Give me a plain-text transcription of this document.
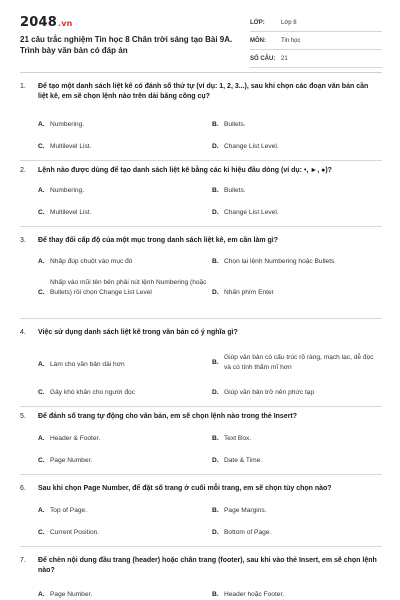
2048.vn
21 câu trắc nghiệm Tin học 8 Chân trời sáng tạo Bài 9A. Trình bày văn bản có đáp án
LỚP:	Lớp 8
MÔN:	Tin học
SỐ CÂU: 21
1.	Để tạo một danh sách liệt kê có đánh số thứ tự (ví dụ: 1, 2, 3...), sau khi chọn các đoạn văn bản cần liệt kê, em sẽ chọn lệnh nào trên dải băng công cụ?
A. Numbering.	B. Bullets.
C. Multilevel List.	D. Change List Level.
2.	Lệnh nào được dùng để tạo danh sách liệt kê bằng các kí hiệu đầu dòng (ví dụ: •, ►, ●)?
A. Numbering.	B. Bullets.
C. Multilevel List.	D. Change List Level.
3.	Để thay đổi cấp độ của một mục trong danh sách liệt kê, em cần làm gì?
A. Nhấp đúp chuột vào mục đó	B. Chọn lại lệnh Numbering hoặc Bullets
C.
Nhấp vào mũi tên bên phải nút lệnh Numbering (hoặc Bullets) rồi chọn Change List Level	D. Nhấn phím Enter
4.	Việc sử dụng danh sách liệt kê trong văn bản có ý nghĩa gì?
A. Làm cho văn bản dài hơn	B.
Giúp văn bản có cấu trúc rõ ràng, mạch lạc, dễ đọc và có tính thẩm mĩ hơn
C. Gây khó khăn cho người đọc	D. Giúp văn bản trở nên phức tạp
5.	Để đánh số trang tự động cho văn bản, em sẽ chọn lệnh nào trong thẻ Insert?
A. Header & Footer.	B. Text Box.
C. Page Number.	D. Date & Time.
6.	Sau khi chọn Page Number, để đặt số trang ở cuối mỗi trang, em sẽ chọn tùy chọn nào?
A. Top of Page.	B. Page Margins.
C. Current Position.	D. Bottom of Page.
7.	Để chèn nội dung đầu trang (header) hoặc chân trang (footer), sau khi vào thẻ Insert, em sẽ chọn lệnh nào?
A. Page Number.	B. Header hoặc Footer.
